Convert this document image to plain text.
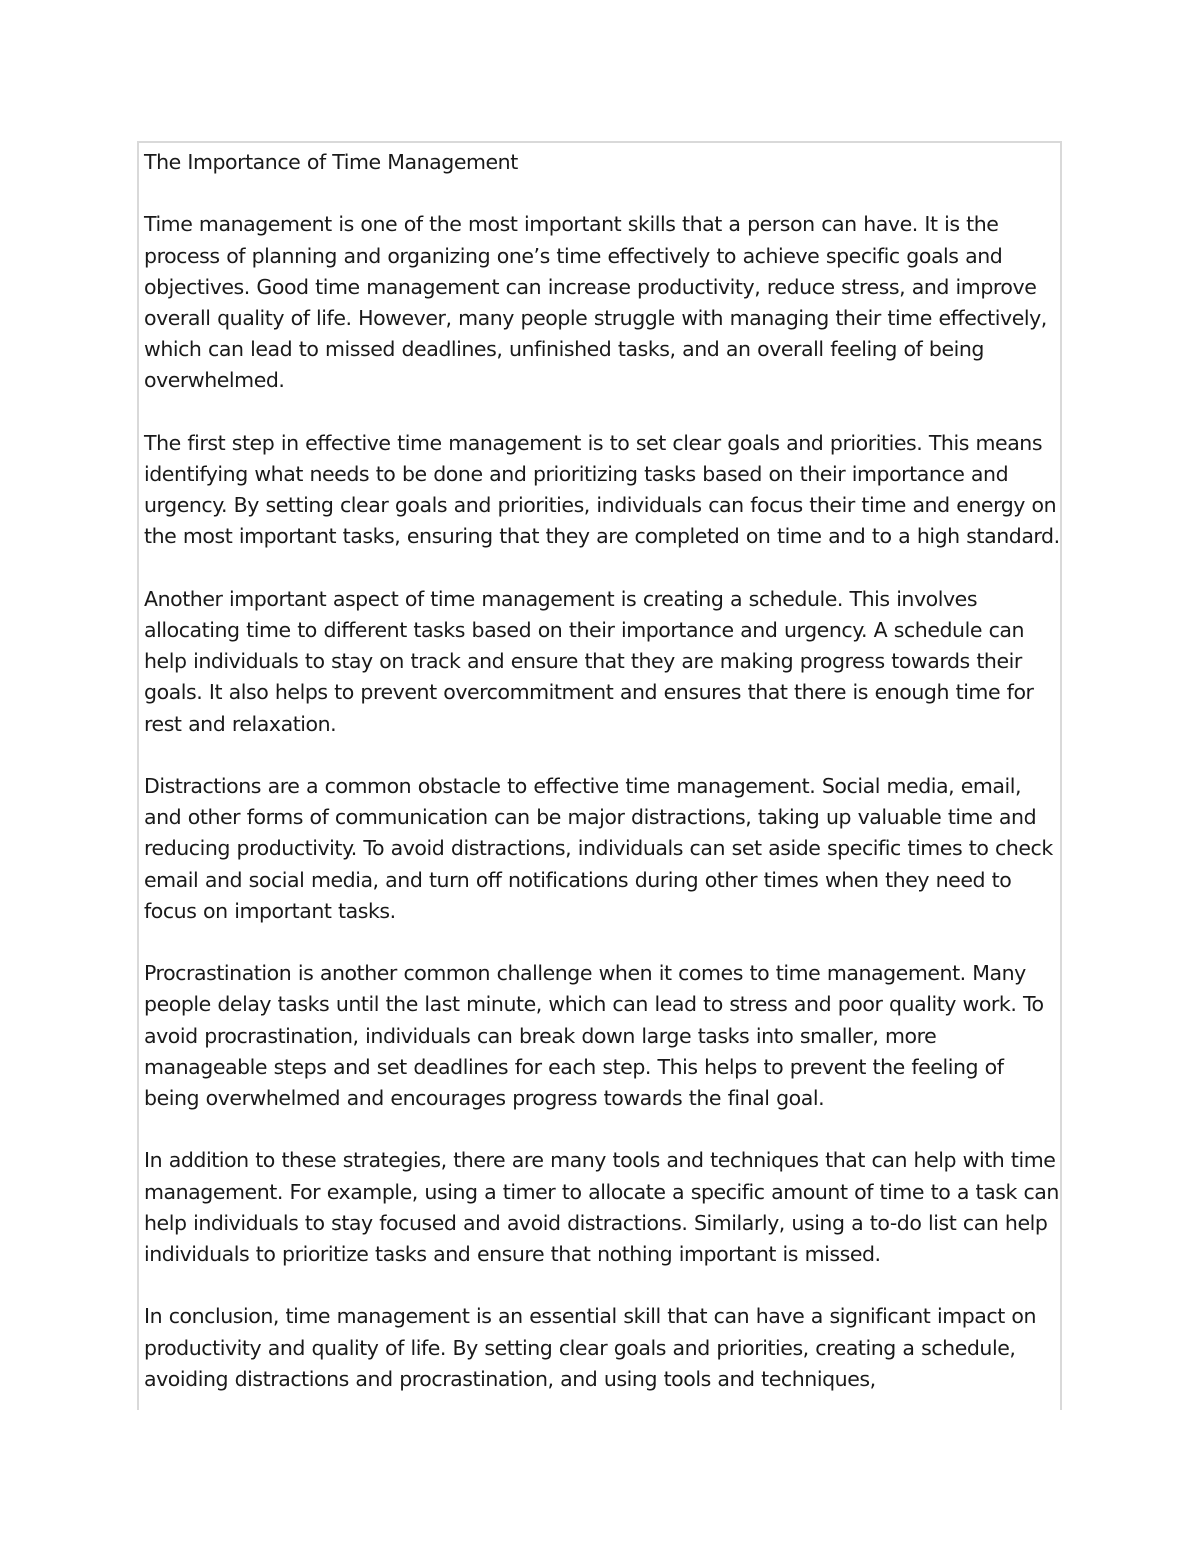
The Importance of Time Management

Time management is one of the most important skills that a person can have. It is the process of planning and organizing one’s time effectively to achieve specific goals and objectives. Good time management can increase productivity, reduce stress, and improve overall quality of life. However, many people struggle with managing their time effectively, which can lead to missed deadlines, unfinished tasks, and an overall feeling of being overwhelmed.

The first step in effective time management is to set clear goals and priorities. This means identifying what needs to be done and prioritizing tasks based on their importance and urgency. By setting clear goals and priorities, individuals can focus their time and energy on the most important tasks, ensuring that they are completed on time and to a high standard.

Another important aspect of time management is creating a schedule. This involves allocating time to different tasks based on their importance and urgency. A schedule can help individuals to stay on track and ensure that they are making progress towards their goals. It also helps to prevent overcommitment and ensures that there is enough time for rest and relaxation.

Distractions are a common obstacle to effective time management. Social media, email, and other forms of communication can be major distractions, taking up valuable time and reducing productivity. To avoid distractions, individuals can set aside specific times to check email and social media, and turn off notifications during other times when they need to focus on important tasks.

Procrastination is another common challenge when it comes to time management. Many people delay tasks until the last minute, which can lead to stress and poor quality work. To avoid procrastination, individuals can break down large tasks into smaller, more manageable steps and set deadlines for each step. This helps to prevent the feeling of being overwhelmed and encourages progress towards the final goal.

In addition to these strategies, there are many tools and techniques that can help with time management. For example, using a timer to allocate a specific amount of time to a task can help individuals to stay focused and avoid distractions. Similarly, using a to-do list can help individuals to prioritize tasks and ensure that nothing important is missed.

In conclusion, time management is an essential skill that can have a significant impact on productivity and quality of life. By setting clear goals and priorities, creating a schedule, avoiding distractions and procrastination, and using tools and techniques,
